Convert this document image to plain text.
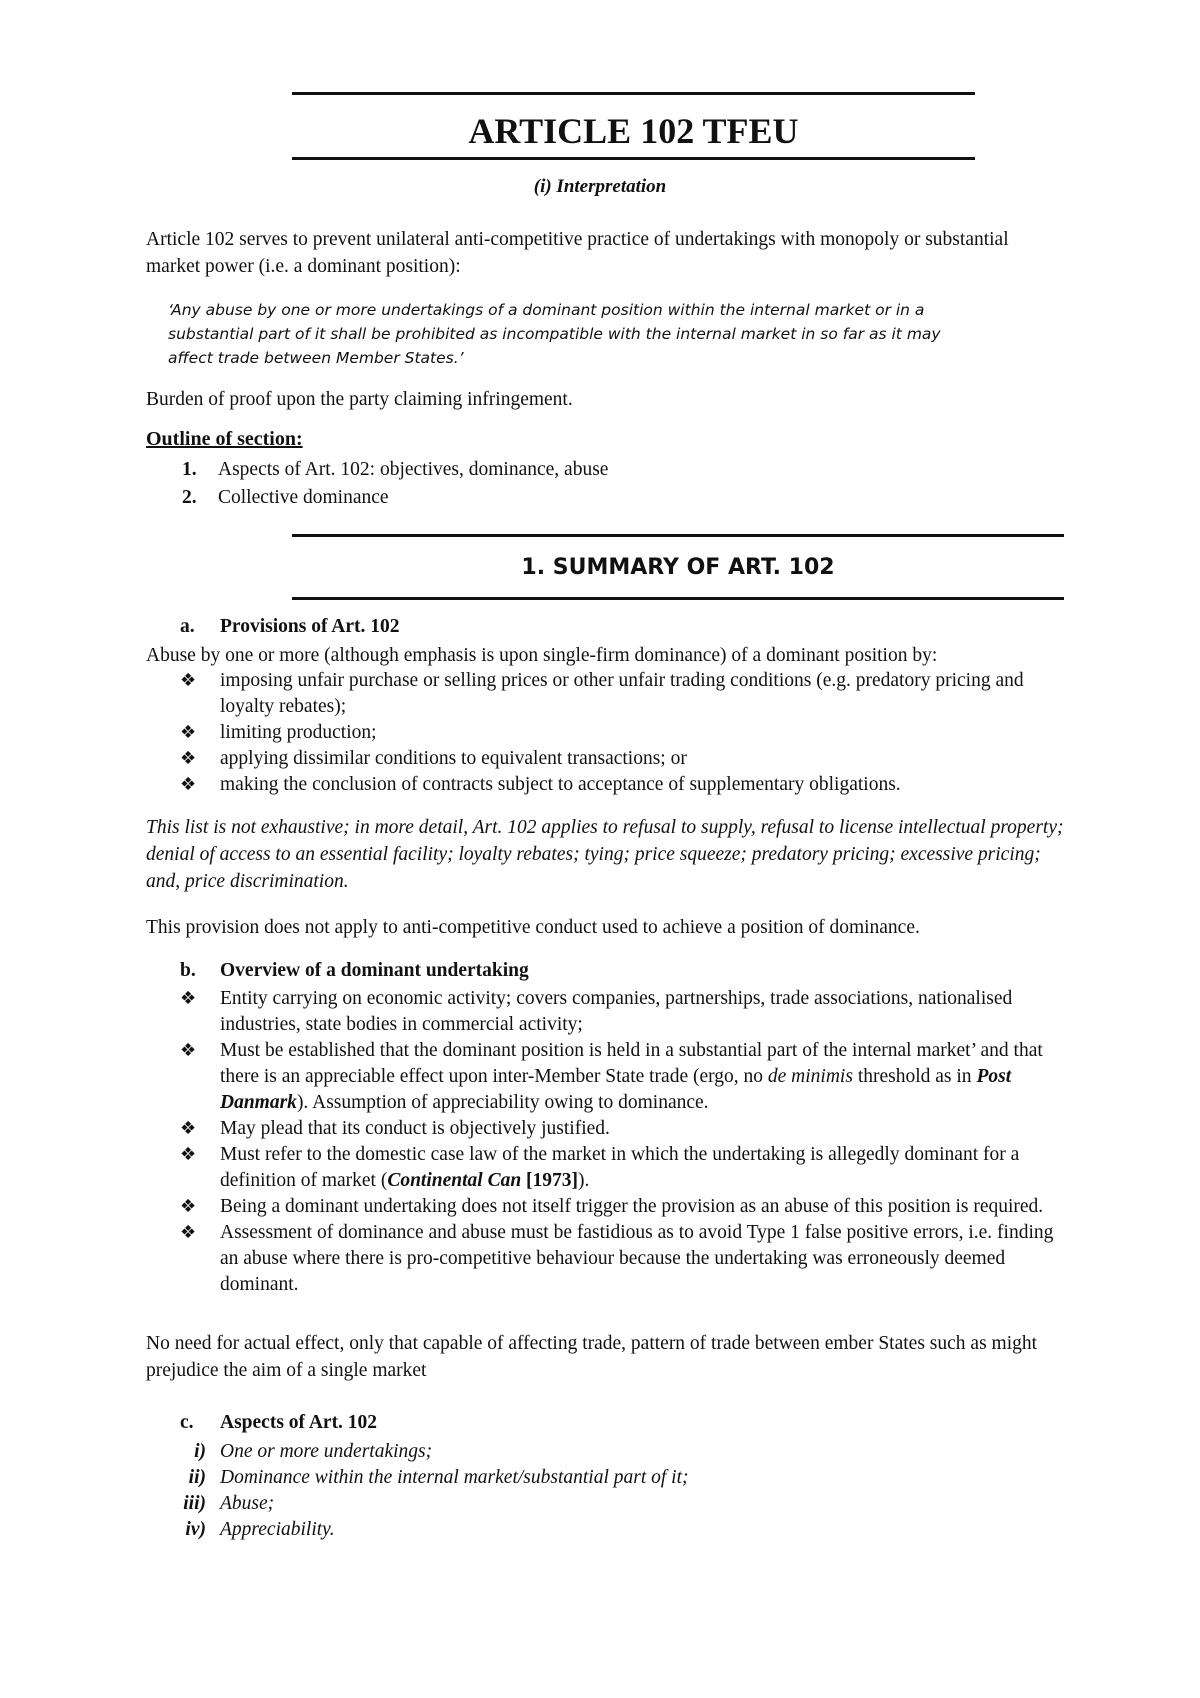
ARTICLE 102 TFEU
(i) Interpretation
Article 102 serves to prevent unilateral anti-competitive practice of undertakings with monopoly or substantial market power (i.e. a dominant position):
‘Any abuse by one or more undertakings of a dominant position within the internal market or in a substantial part of it shall be prohibited as incompatible with the internal market in so far as it may affect trade between Member States.’
Burden of proof upon the party claiming infringement.
Outline of section:
1.	Aspects of Art. 102: objectives, dominance, abuse
2.	Collective dominance
1. SUMMARY OF ART. 102
a.	Provisions of Art. 102
Abuse by one or more (although emphasis is upon single-firm dominance) of a dominant position by:
❖	imposing unfair purchase or selling prices or other unfair trading conditions (e.g. predatory pricing and loyalty rebates);
❖	limiting production;
❖	applying dissimilar conditions to equivalent transactions; or
❖	making the conclusion of contracts subject to acceptance of supplementary obligations.
This list is not exhaustive; in more detail, Art. 102 applies to refusal to supply, refusal to license intellectual property; denial of access to an essential facility; loyalty rebates; tying; price squeeze; predatory pricing; excessive pricing; and, price discrimination.
This provision does not apply to anti-competitive conduct used to achieve a position of dominance.
b.	Overview of a dominant undertaking
❖	Entity carrying on economic activity; covers companies, partnerships, trade associations, nationalised industries, state bodies in commercial activity;
❖	Must be established that the dominant position is held in a substantial part of the internal market’ and that there is an appreciable effect upon inter-Member State trade (ergo, no de minimis threshold as in Post Danmark). Assumption of appreciability owing to dominance.
❖	May plead that its conduct is objectively justified.
❖	Must refer to the domestic case law of the market in which the undertaking is allegedly dominant for a definition of market (Continental Can [1973]).
❖	Being a dominant undertaking does not itself trigger the provision as an abuse of this position is required.
❖	Assessment of dominance and abuse must be fastidious as to avoid Type 1 false positive errors, i.e. finding an abuse where there is pro-competitive behaviour because the undertaking was erroneously deemed dominant.
No need for actual effect, only that capable of affecting trade, pattern of trade between ember States such as might prejudice the aim of a single market
c.	Aspects of Art. 102
i) One or more undertakings;
ii) Dominance within the internal market/substantial part of it;
iii) Abuse;
iv) Appreciability.
